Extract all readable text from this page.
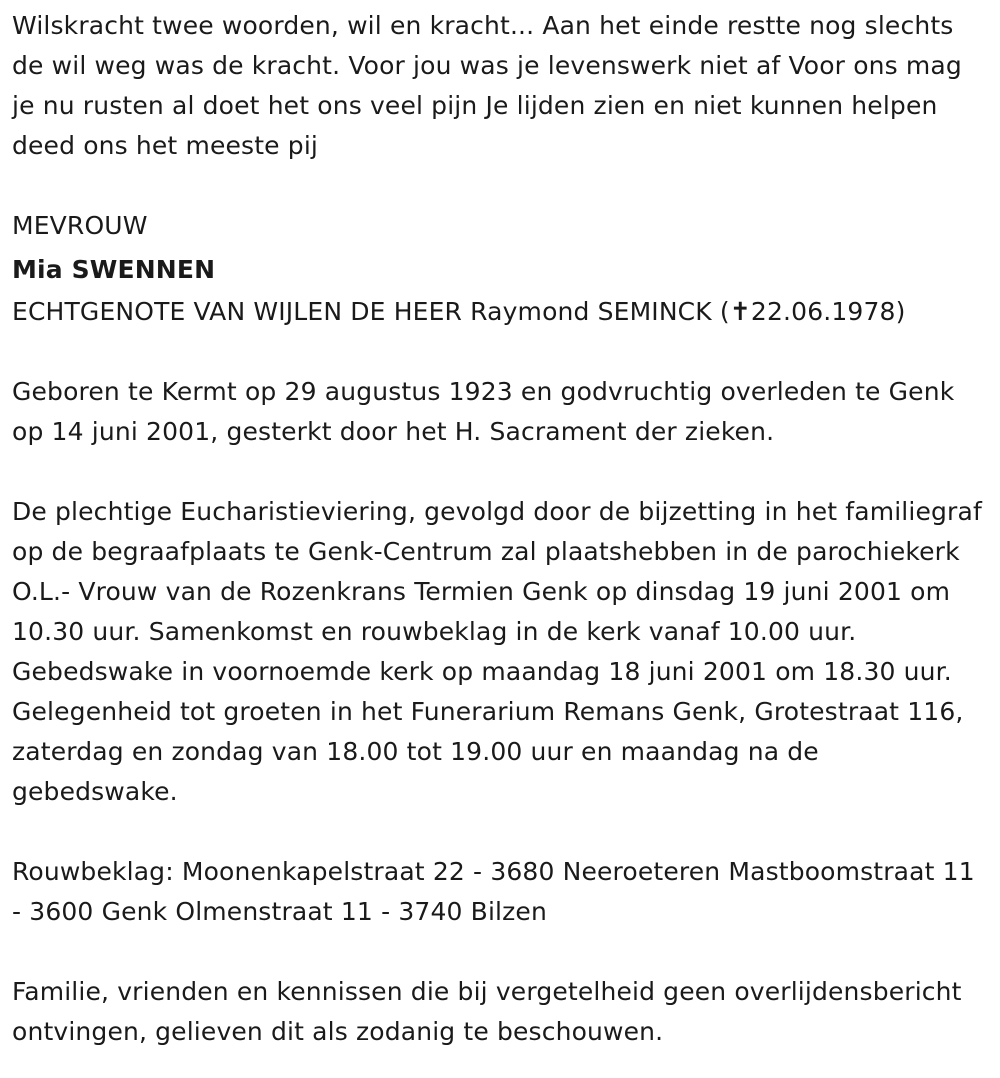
Wilskracht twee woorden, wil en kracht... Aan het einde restte nog slechts de wil weg was de kracht. Voor jou was je levenswerk niet af Voor ons mag je nu rusten al doet het ons veel pijn Je lijden zien en niet kunnen helpen deed ons het meeste pij

MEVROUW

Mia SWENNEN

ECHTGENOTE VAN WIJLEN DE HEER Raymond SEMINCK (✝22.06.1978)

Geboren te Kermt op 29 augustus 1923 en godvruchtig overleden te Genk op 14 juni 2001, gesterkt door het H. Sacrament der zieken.

De plechtige Eucharistieviering, gevolgd door de bijzetting in het familiegraf op de begraafplaats te Genk-Centrum zal plaatshebben in de parochiekerk O.L.- Vrouw van de Rozenkrans Termien Genk op dinsdag 19 juni 2001 om 10.30 uur. Samenkomst en rouwbeklag in de kerk vanaf 10.00 uur. Gebedswake in voornoemde kerk op maandag 18 juni 2001 om 18.30 uur. Gelegenheid tot groeten in het Funerarium Remans Genk, Grotestraat 116, zaterdag en zondag van 18.00 tot 19.00 uur en maandag na de gebedswake.

Rouwbeklag: Moonenkapelstraat 22 - 3680 Neeroeteren Mastboomstraat 11 - 3600 Genk Olmenstraat 11 - 3740 Bilzen

Familie, vrienden en kennissen die bij vergetelheid geen overlijdensbericht ontvingen, gelieven dit als zodanig te beschouwen.
